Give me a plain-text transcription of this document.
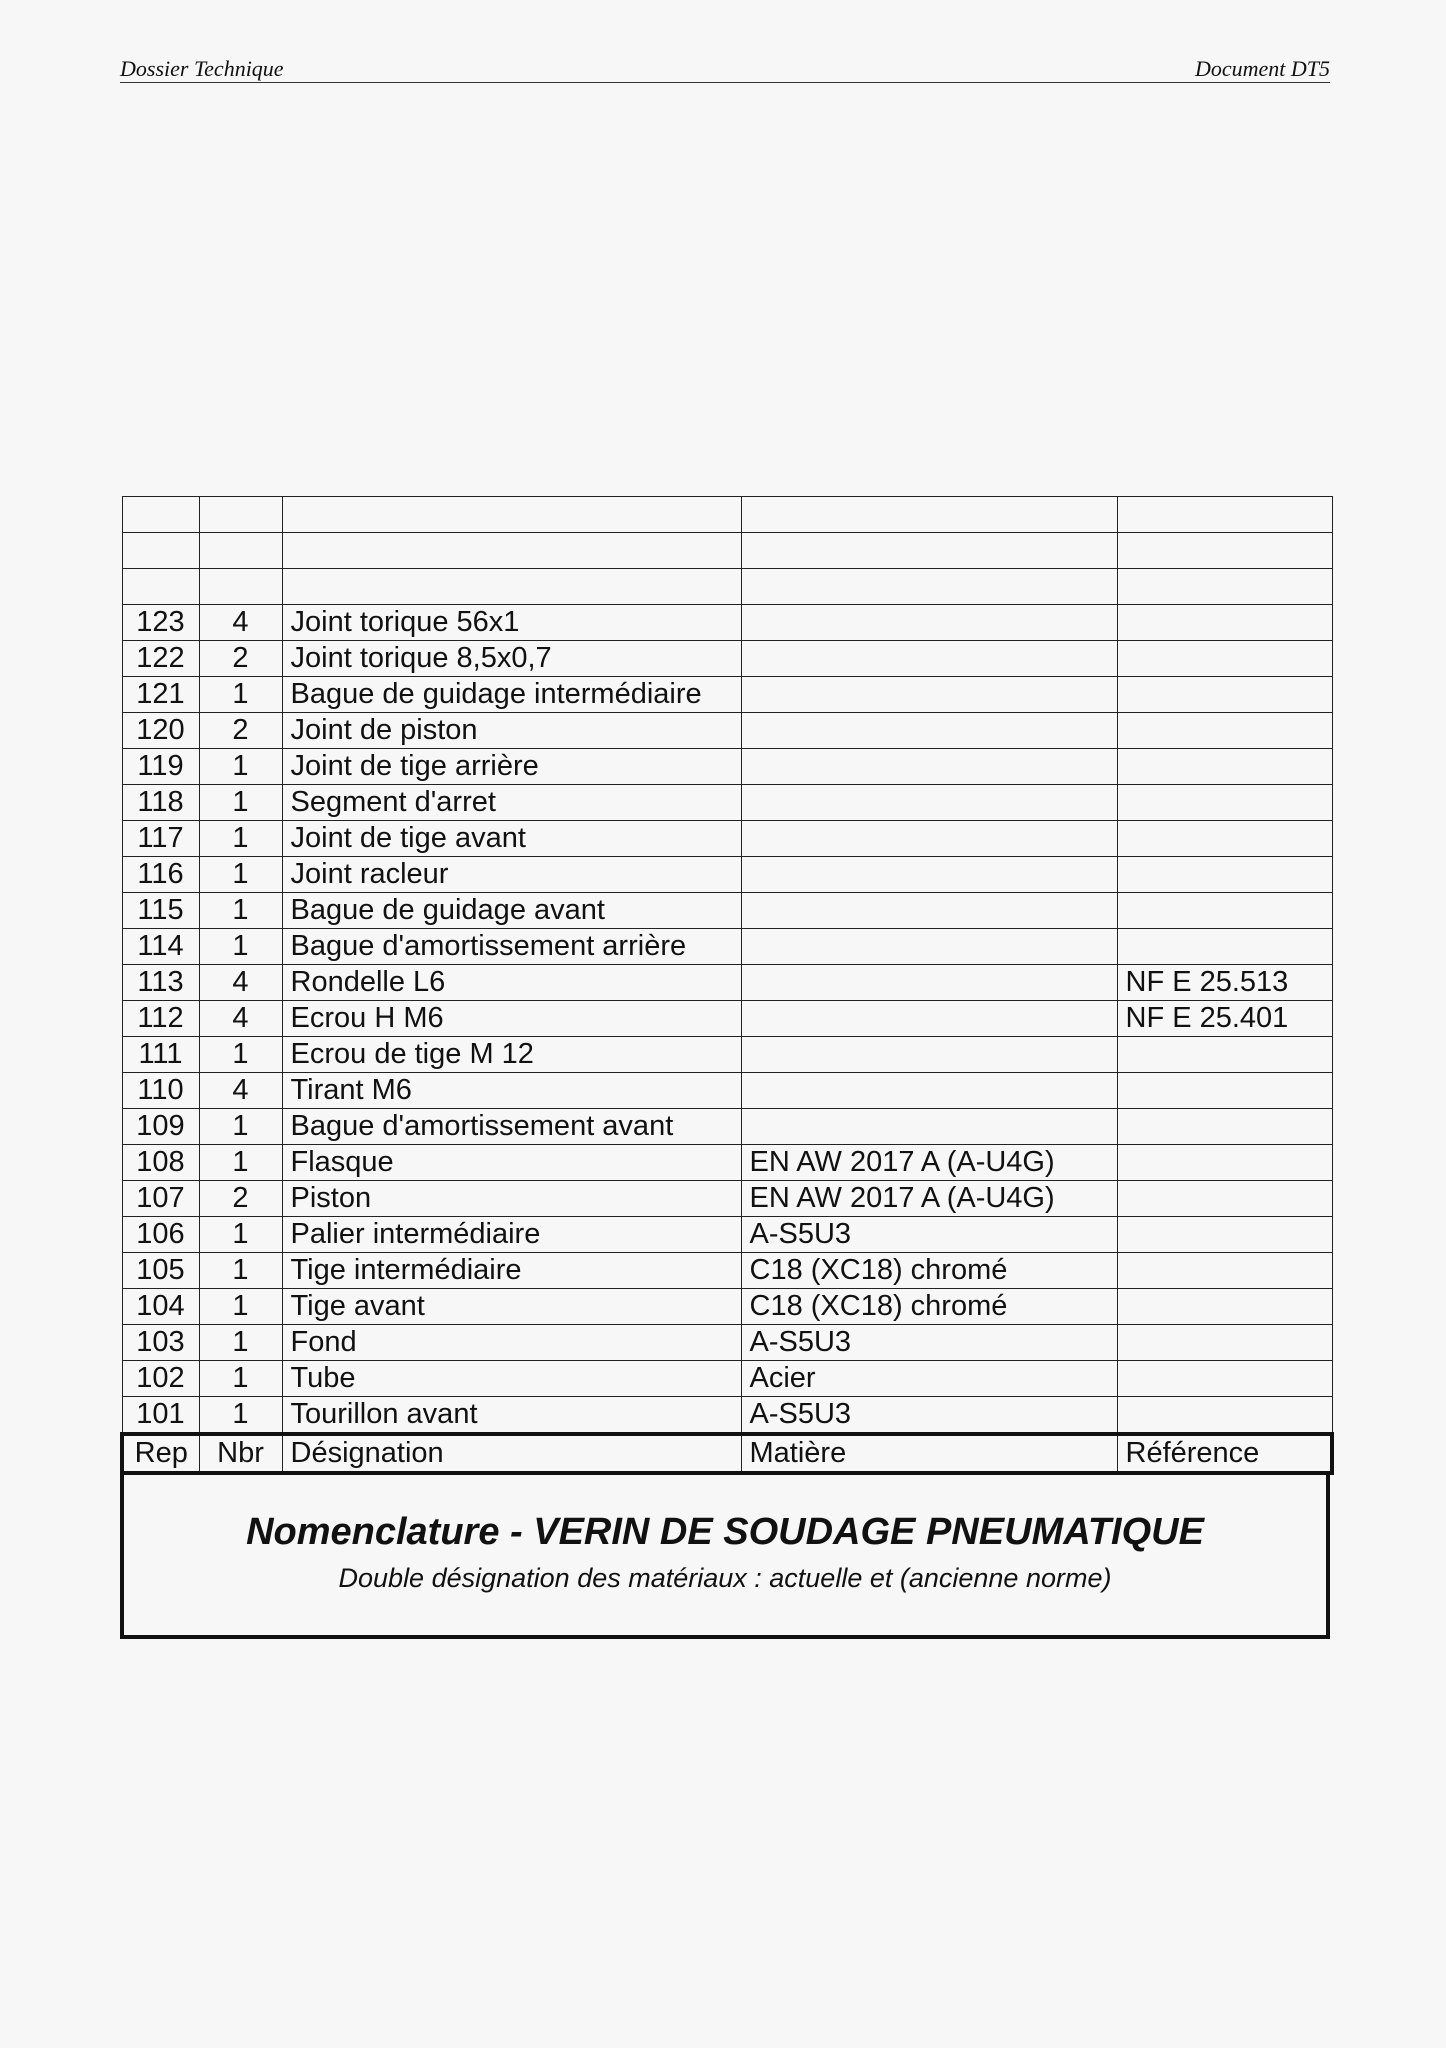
Dossier Technique	Document DT5

123	4	Joint torique 56x1		
122	2	Joint torique 8,5x0,7		
121	1	Bague de guidage intermédiaire		
120	2	Joint de piston		
119	1	Joint de tige arrière		
118	1	Segment d'arret		
117	1	Joint de tige avant		
116	1	Joint racleur		
115	1	Bague de guidage avant		
114	1	Bague d'amortissement arrière		
113	4	Rondelle L6		NF E 25.513
112	4	Ecrou H M6		NF E 25.401
111	1	Ecrou de tige M 12		
110	4	Tirant M6		
109	1	Bague d'amortissement avant		
108	1	Flasque	EN AW 2017 A (A-U4G)	
107	2	Piston	EN AW 2017 A (A-U4G)	
106	1	Palier intermédiaire	A-S5U3	
105	1	Tige intermédiaire	C18 (XC18) chromé	
104	1	Tige avant	C18 (XC18) chromé	
103	1	Fond	A-S5U3	
102	1	Tube	Acier	
101	1	Tourillon avant	A-S5U3	
Rep	Nbr	Désignation	Matière	Référence
Nomenclature - VERIN DE SOUDAGE PNEUMATIQUE
Double désignation des matériaux : actuelle et (ancienne norme)
